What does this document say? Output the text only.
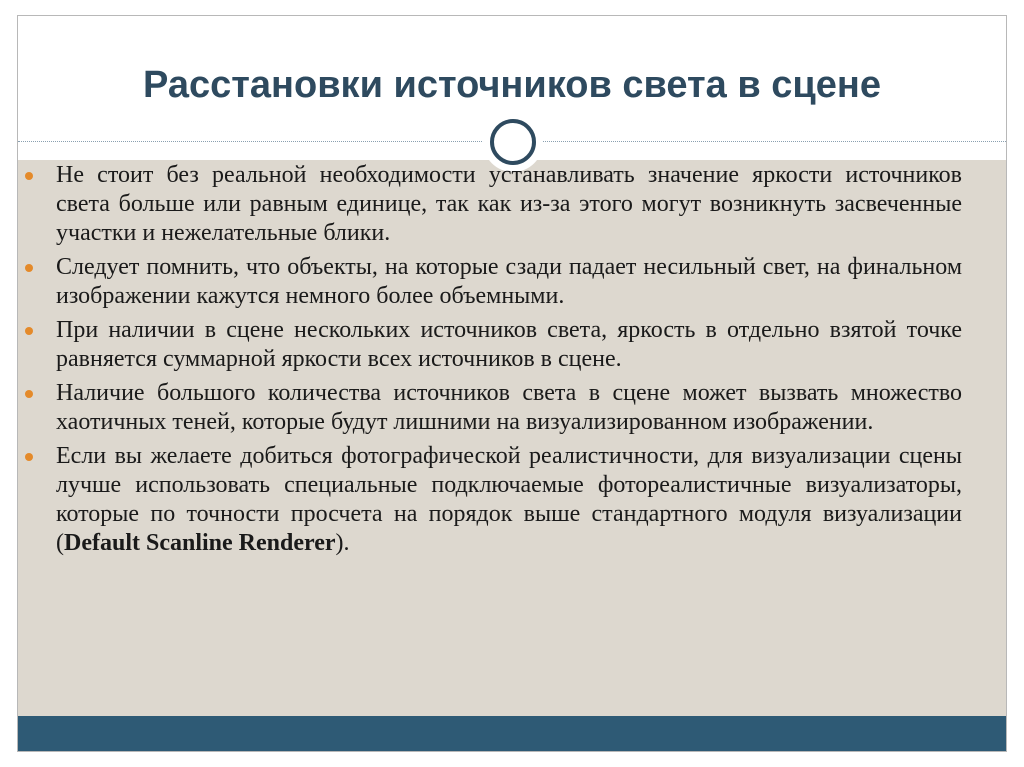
Расстановки источников света в сцене
Не стоит без реальной необходимости устанавливать значение яркости источников света больше или равным единице, так как из-за этого могут возникнуть засвеченные участки и нежелательные блики.
Следует помнить, что объекты, на которые сзади падает несильный свет, на финальном изображении кажутся немного более объемными.
При наличии в сцене нескольких источников света, яркость в отдельно взятой точке равняется суммарной яркости всех источников в сцене.
Наличие большого количества источников света в сцене может вызвать множество хаотичных теней, которые будут лишними на визуализированном изображении.
Если вы желаете добиться фотографической реалистичности, для визуализации сцены лучше использовать специальные подключаемые фотореалистичные визуализаторы, которые по точности просчета на порядок выше стандартного модуля визуализации (Default Scanline Renderer).
